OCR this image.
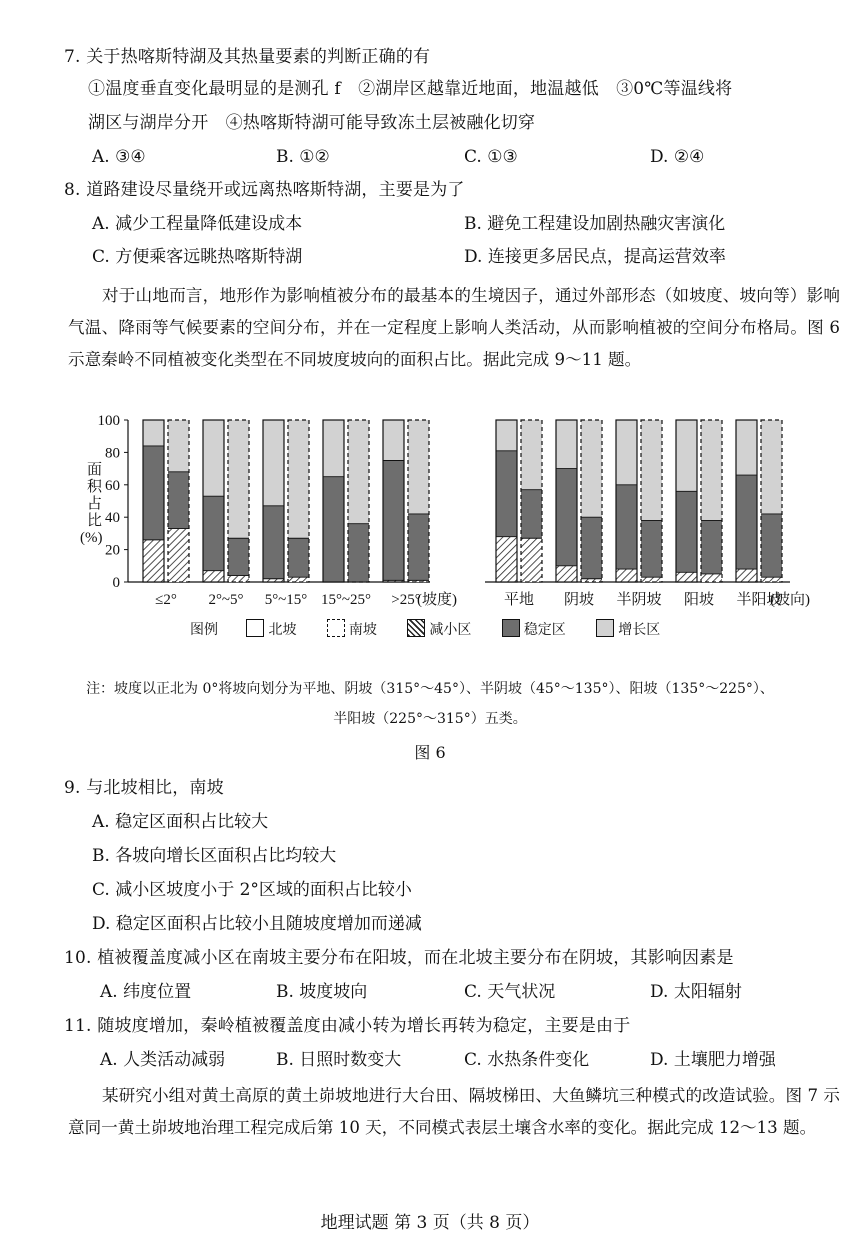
7. 关于热喀斯特湖及其热量要素的判断正确的有
①温度垂直变化最明显的是测孔 f　②湖岸区越靠近地面，地温越低　③0℃等温线将
湖区与湖岸分开　④热喀斯特湖可能导致冻土层被融化切穿
A. ③④	B. ①②	C. ①③	D. ②④
8. 道路建设尽量绕开或远离热喀斯特湖，主要是为了
A. 减少工程量降低建设成本	B. 避免工程建设加剧热融灾害演化
C. 方便乘客远眺热喀斯特湖	D. 连接更多居民点，提高运营效率
对于山地而言，地形作为影响植被分布的最基本的生境因子，通过外部形态（如坡度、坡向等）影响气温、降雨等气候要素的空间分布，并在一定程度上影响人类活动，从而影响植被的空间分布格局。图 6 示意秦岭不同植被变化类型在不同坡度坡向的面积占比。据此完成 9～11 题。
面
积
占
比
(%)
0
20
40
60
80
100
≤2° 2°~5° 5°~15° 15°~25° >25°
(坡度)	平地 阴坡 半阴坡 阳坡 半阳坡
(坡向)
图例	北坡	南坡	减小区	稳定区	增长区
注：坡度以正北为 0°将坡向划分为平地、阴坡（315°～45°）、半阴坡（45°～135°）、阳坡（135°～225°）、
半阳坡（225°～315°）五类。
图 6
9. 与北坡相比，南坡
A. 稳定区面积占比较大
B. 各坡向增长区面积占比均较大
C. 减小区坡度小于 2°区域的面积占比较小
D. 稳定区面积占比较小且随坡度增加而递减
10. 植被覆盖度减小区在南坡主要分布在阳坡，而在北坡主要分布在阴坡，其影响因素是
A. 纬度位置	B. 坡度坡向	C. 天气状况	D. 太阳辐射
11. 随坡度增加，秦岭植被覆盖度由减小转为增长再转为稳定，主要是由于
A. 人类活动减弱	B. 日照时数变大	C. 水热条件变化	D. 土壤肥力增强
某研究小组对黄土高原的黄土峁坡地进行大台田、隔坡梯田、大鱼鳞坑三种模式的改造试验。图 7 示意同一黄土峁坡地治理工程完成后第 10 天，不同模式表层土壤含水率的变化。据此完成 12～13 题。
地理试题 第 3 页（共 8 页）
